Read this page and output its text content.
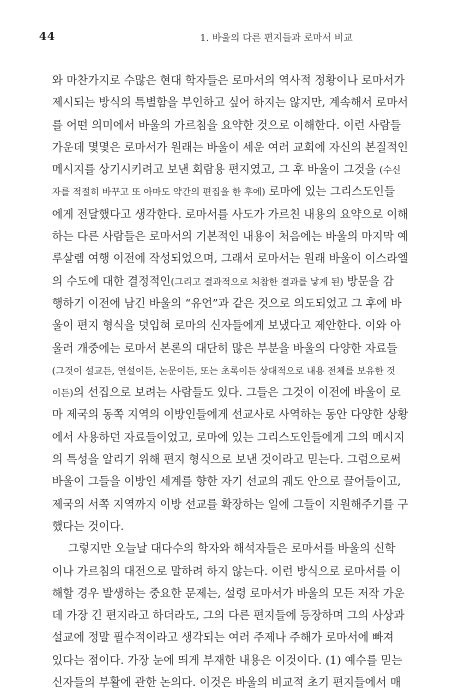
44	1. 바울의 다른 편지들과 로마서 비교

와 마찬가지로 수많은 현대 학자들은 로마서의 역사적 정황이나 로마서가
제시되는 방식의 특별함을 부인하고 싶어 하지는 않지만, 계속해서 로마서
를 어떤 의미에서 바울의 가르침을 요약한 것으로 이해한다. 이런 사람들
가운데 몇몇은 로마서가 원래는 바울이 세운 여러 교회에 자신의 본질적인
메시지를 상기시키려고 보낸 회람용 편지였고, 그 후 바울이 그것을 (수신
자를 적절히 바꾸고 또 아마도 약간의 편집을 한 후에) 로마에 있는 그리스도인들
에게 전달했다고 생각한다. 로마서를 사도가 가르친 내용의 요약으로 이해
하는 다른 사람들은 로마서의 기본적인 내용이 처음에는 바울의 마지막 예
루살렘 여행 이전에 작성되었으며, 그래서 로마서는 원래 바울이 이스라엘
의 수도에 대한 결정적인(그리고 결과적으로 처참한 결과를 낳게 된) 방문을 감
행하기 이전에 남긴 바울의 “유언”과 같은 것으로 의도되었고 그 후에 바
울이 편지 형식을 덧입혀 로마의 신자들에게 보냈다고 제안한다. 이와 아
울러 개중에는 로마서 본론의 대단히 많은 부분을 바울의 다양한 자료들
(그것이 설교든, 연설이든, 논문이든, 또는 초록이든 상대적으로 내용 전체를 보유한 것
이든)의 선집으로 보려는 사람들도 있다. 그들은 그것이 이전에 바울이 로
마 제국의 동쪽 지역의 이방인들에게 선교사로 사역하는 동안 다양한 상황
에서 사용하던 자료들이었고, 로마에 있는 그리스도인들에게 그의 메시지
의 특성을 알리기 위해 편지 형식으로 보낸 것이라고 믿는다. 그럼으로써
바울이 그들을 이방인 세계를 향한 자기 선교의 궤도 안으로 끌어들이고,
제국의 서쪽 지역까지 이방 선교를 확장하는 일에 그들이 지원해주기를 구
했다는 것이다.

그렇지만 오늘날 대다수의 학자와 해석자들은 로마서를 바울의 신학
이나 가르침의 대전으로 말하려 하지 않는다. 이런 방식으로 로마서를 이
해할 경우 발생하는 중요한 문제는, 설령 로마서가 바울의 모든 저작 가운
데 가장 긴 편지라고 하더라도, 그의 다른 편지들에 등장하며 그의 사상과
설교에 정말 필수적이라고 생각되는 여러 주제나 주해가 로마서에 빠져
있다는 점이다. 가장 눈에 띄게 부재한 내용은 이것이다. (1) 예수를 믿는
신자들의 부활에 관한 논의다. 이것은 바울의 비교적 초기 편지들에서 매
